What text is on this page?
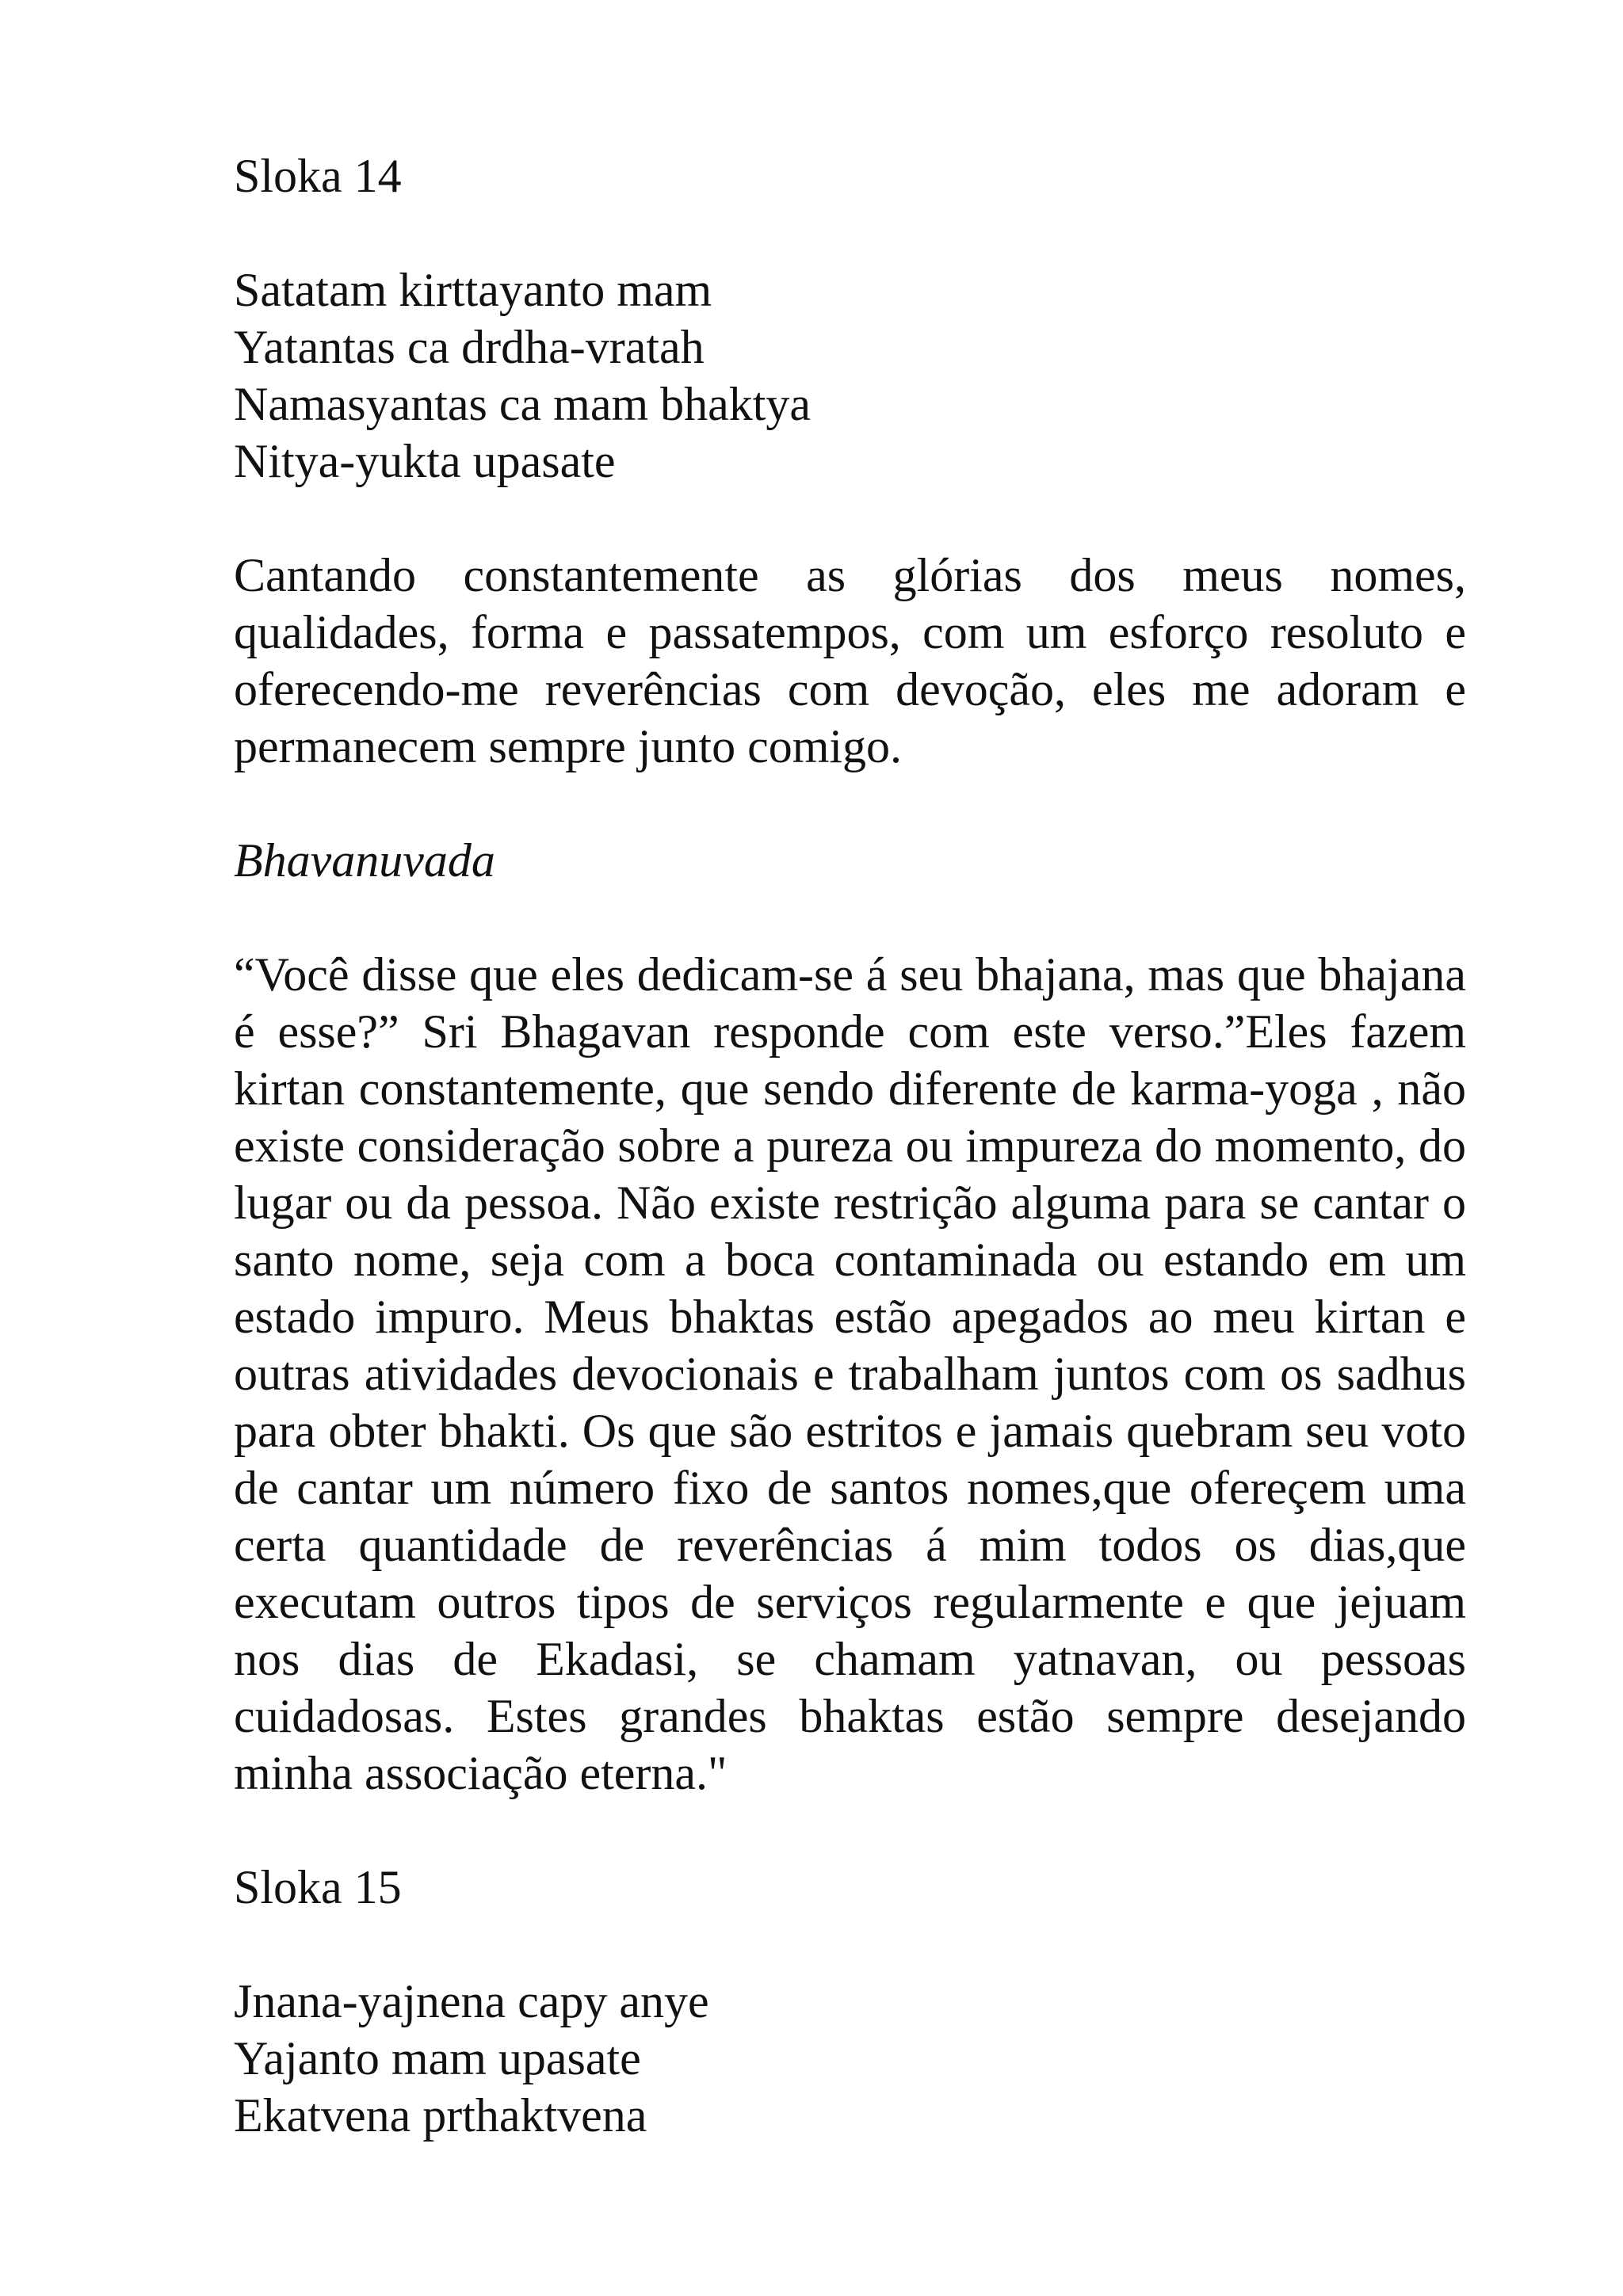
Sloka 14

Satatam kirttayanto mam
Yatantas ca drdha-vratah
Namasyantas ca mam bhaktya
Nitya-yukta upasate

Cantando constantemente as glórias dos meus nomes, qualidades, forma e passatempos, com um esforço resoluto e oferecendo-me reverências com devoção, eles me adoram e permanecem sempre junto comigo.

Bhavanuvada

“Você disse que eles dedicam-se á seu bhajana, mas que bhajana é esse?” Sri Bhagavan responde com este verso.”Eles fazem kirtan constantemente, que sendo diferente de karma-yoga , não existe consideração sobre a pureza ou impureza do momento, do lugar ou da pessoa. Não existe restrição alguma para se cantar o santo nome, seja com a boca contaminada ou estando em um estado impuro. Meus bhaktas estão apegados ao meu kirtan e outras atividades devocionais e trabalham juntos com os sadhus para obter bhakti. Os que são estritos e jamais quebram seu voto de cantar um número fixo de santos nomes,que ofereçem uma certa quantidade de reverências á mim todos os dias,que executam outros tipos de serviços regularmente e que jejuam nos dias de Ekadasi, se chamam yatnavan, ou pessoas cuidadosas. Estes grandes bhaktas estão sempre desejando minha associação eterna."

Sloka 15

Jnana-yajnena capy anye
Yajanto mam upasate
Ekatvena prthaktvena
